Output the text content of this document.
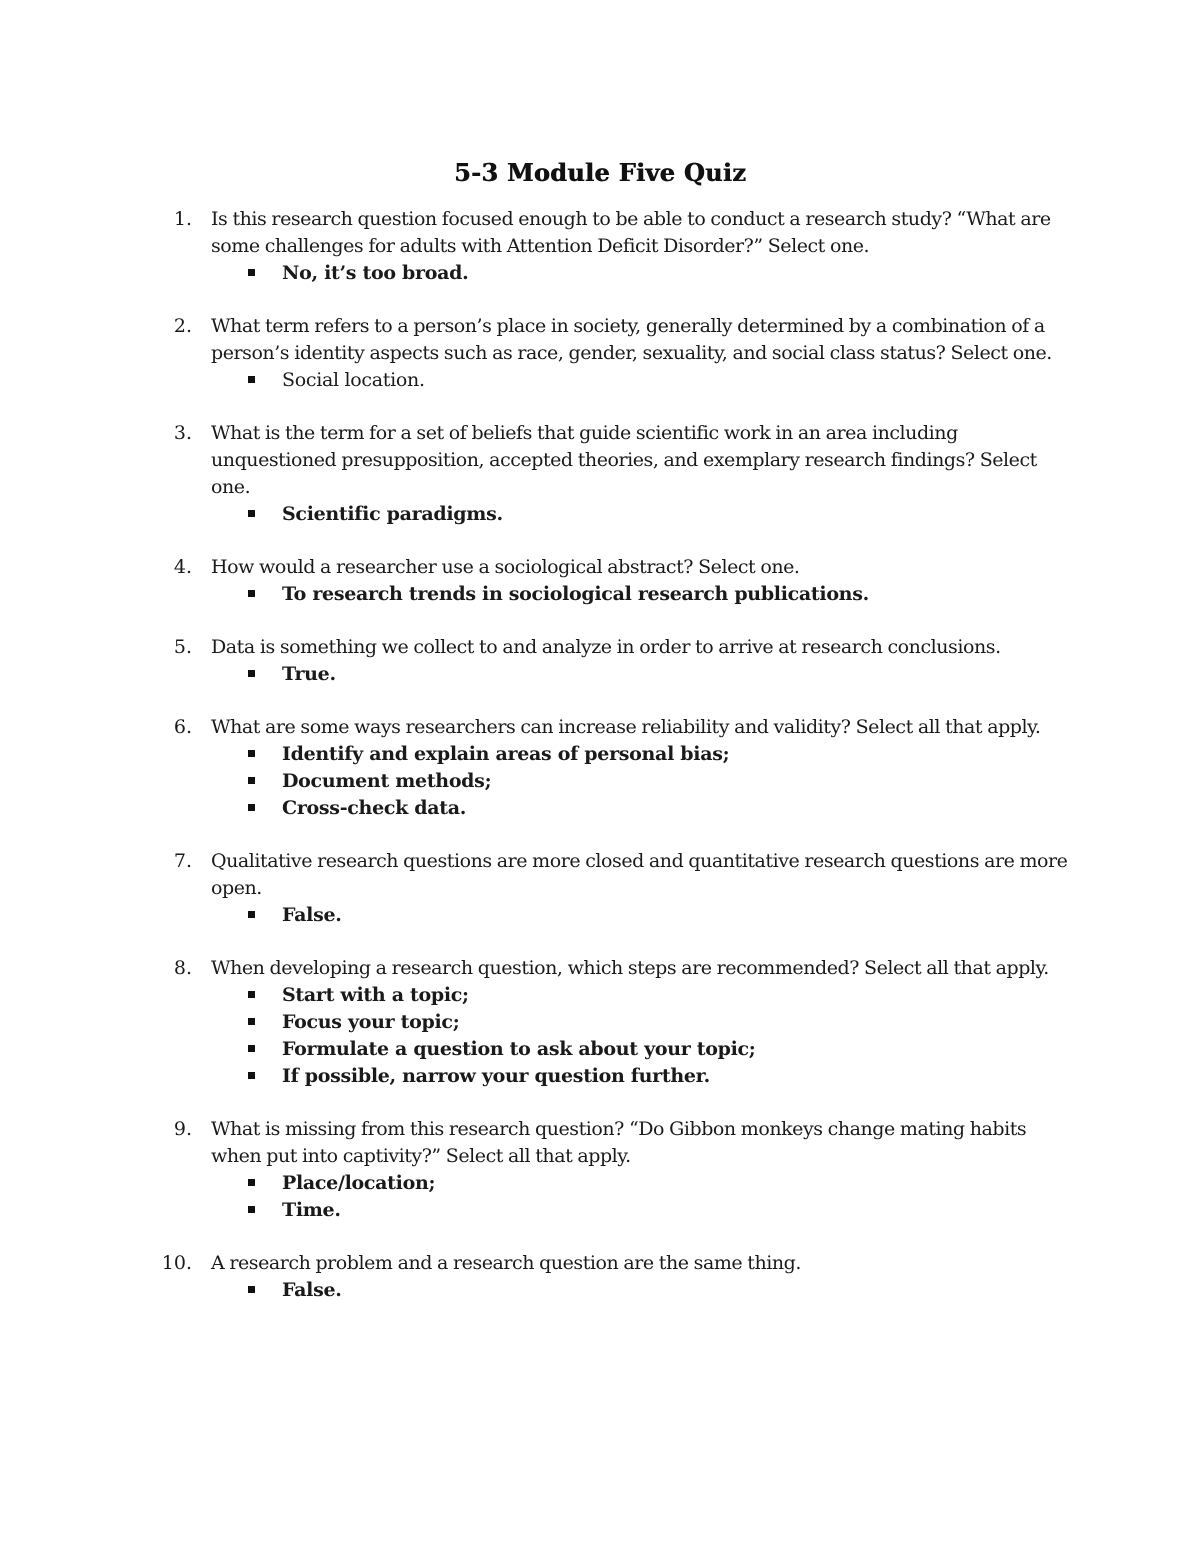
5-3 Module Five Quiz
1. Is this research question focused enough to be able to conduct a research study? “What are some challenges for adults with Attention Deficit Disorder?” Select one.
No, it’s too broad.
2. What term refers to a person’s place in society, generally determined by a combination of a person’s identity aspects such as race, gender, sexuality, and social class status? Select one.
Social location.
3. What is the term for a set of beliefs that guide scientific work in an area including unquestioned presupposition, accepted theories, and exemplary research findings? Select one.
Scientific paradigms.
4. How would a researcher use a sociological abstract? Select one.
To research trends in sociological research publications.
5. Data is something we collect to and analyze in order to arrive at research conclusions.
True.
6. What are some ways researchers can increase reliability and validity? Select all that apply.
Identify and explain areas of personal bias;
Document methods;
Cross-check data.
7. Qualitative research questions are more closed and quantitative research questions are more open.
False.
8. When developing a research question, which steps are recommended? Select all that apply.
Start with a topic;
Focus your topic;
Formulate a question to ask about your topic;
If possible, narrow your question further.
9. What is missing from this research question? “Do Gibbon monkeys change mating habits when put into captivity?” Select all that apply.
Place/location;
Time.
10. A research problem and a research question are the same thing.
False.
